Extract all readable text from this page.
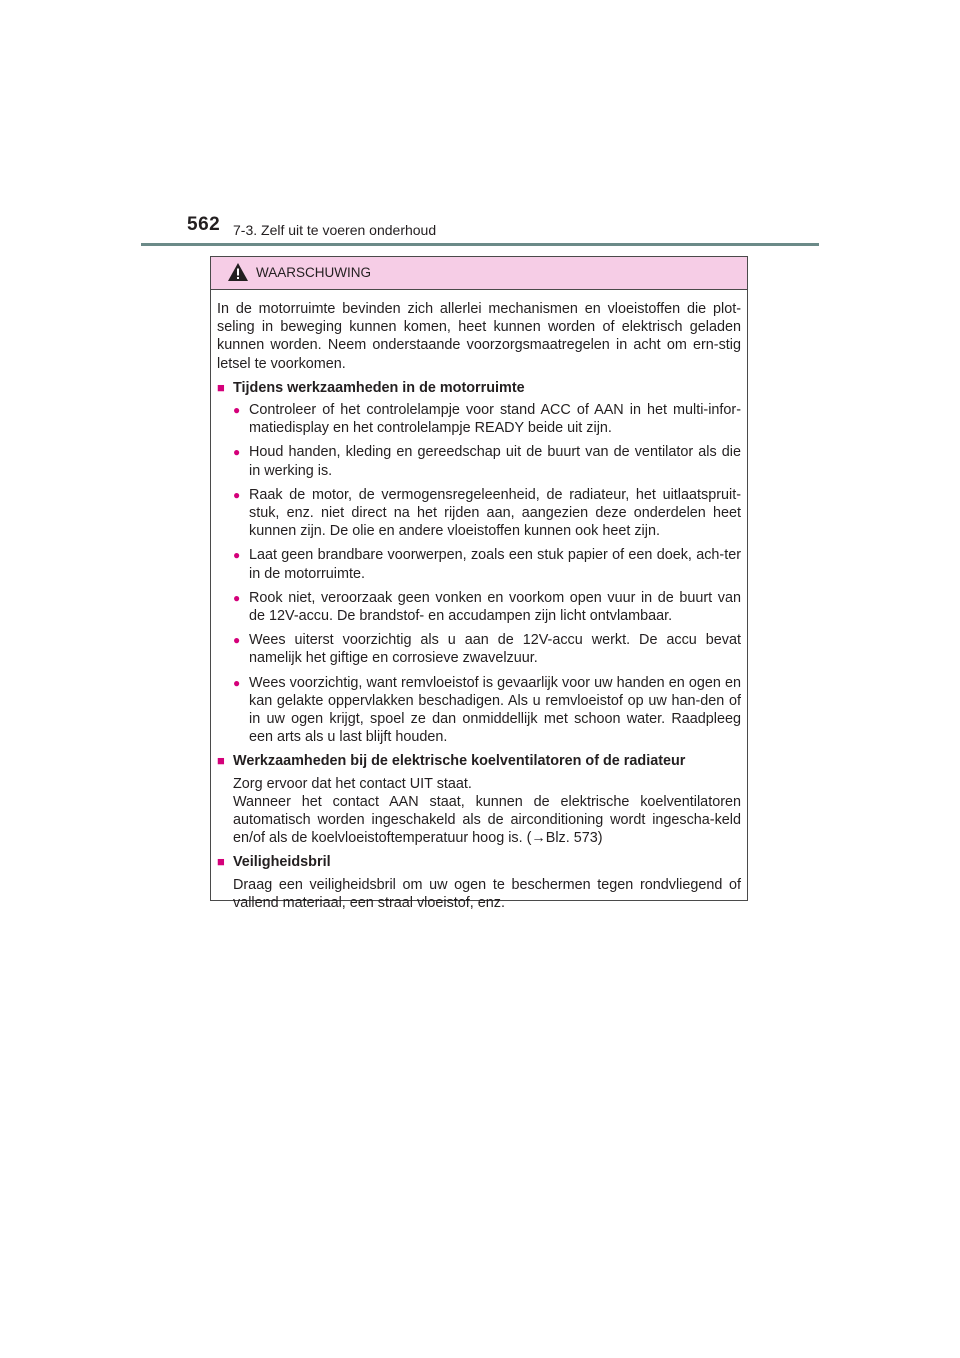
562 7-3. Zelf uit te voeren onderhoud
WAARSCHUWING
In de motorruimte bevinden zich allerlei mechanismen en vloeistoffen die plot-seling in beweging kunnen komen, heet kunnen worden of elektrisch geladen kunnen worden. Neem onderstaande voorzorgsmaatregelen in acht om ern-stig letsel te voorkomen.
■ Tijdens werkzaamheden in de motorruimte
● Controleer of het controlelampje voor stand ACC of AAN in het multi-infor-matiedisplay en het controlelampje READY beide uit zijn.
● Houd handen, kleding en gereedschap uit de buurt van de ventilator als die in werking is.
● Raak de motor, de vermogensregeleenheid, de radiateur, het uitlaatspruit-stuk, enz. niet direct na het rijden aan, aangezien deze onderdelen heet kunnen zijn. De olie en andere vloeistoffen kunnen ook heet zijn.
● Laat geen brandbare voorwerpen, zoals een stuk papier of een doek, ach-ter in de motorruimte.
● Rook niet, veroorzaak geen vonken en voorkom open vuur in de buurt van de 12V-accu. De brandstof- en accudampen zijn licht ontvlambaar.
● Wees uiterst voorzichtig als u aan de 12V-accu werkt. De accu bevat namelijk het giftige en corrosieve zwavelzuur.
● Wees voorzichtig, want remvloeistof is gevaarlijk voor uw handen en ogen en kan gelakte oppervlakken beschadigen. Als u remvloeistof op uw han-den of in uw ogen krijgt, spoel ze dan onmiddellijk met schoon water. Raadpleeg een arts als u last blijft houden.
■ Werkzaamheden bij de elektrische koelventilatoren of de radiateur
Zorg ervoor dat het contact UIT staat.
Wanneer het contact AAN staat, kunnen de elektrische koelventilatoren automatisch worden ingeschakeld als de airconditioning wordt ingescha-keld en/of als de koelvloeistoftemperatuur hoog is. (→Blz. 573)
■ Veiligheidsbril
Draag een veiligheidsbril om uw ogen te beschermen tegen rondvliegend of vallend materiaal, een straal vloeistof, enz.
